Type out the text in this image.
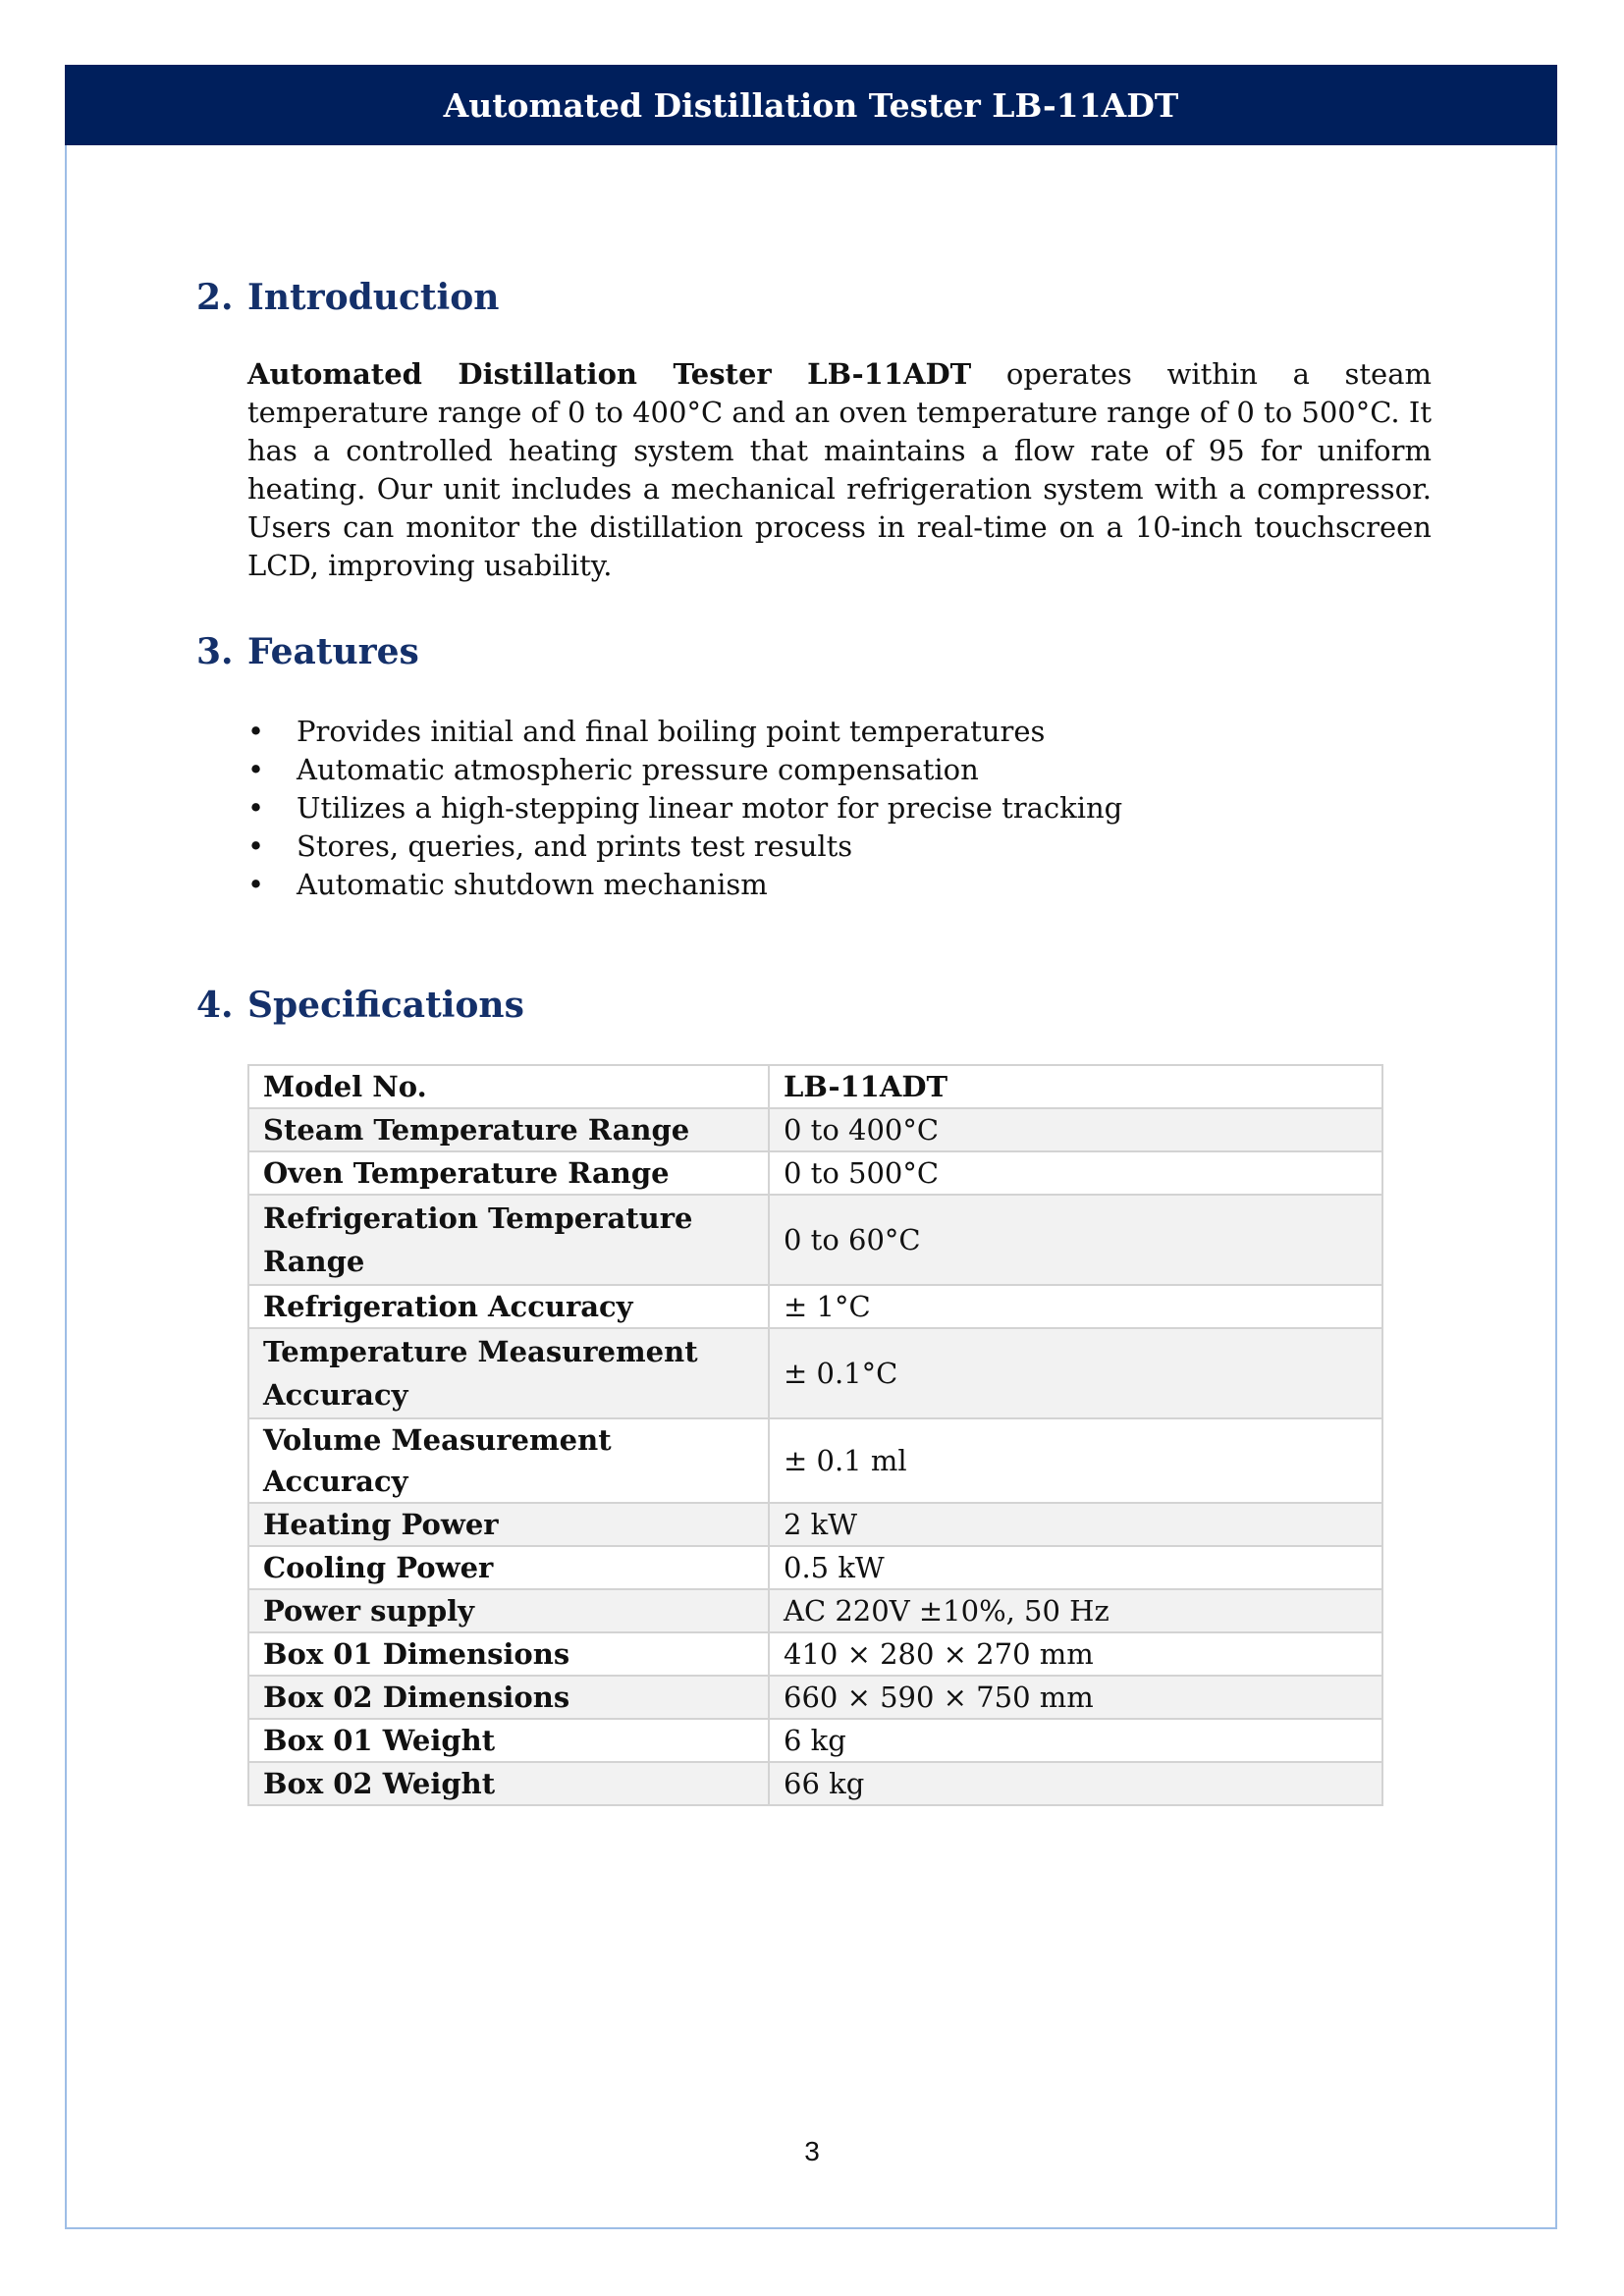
Automated Distillation Tester LB-11ADT
2. Introduction

Automated Distillation Tester LB-11ADT operates within a steam temperature range of 0 to 400°C and an oven temperature range of 0 to 500°C. It has a controlled heating system that maintains a flow rate of 95 for uniform heating. Our unit includes a mechanical refrigeration system with a compressor. Users can monitor the distillation process in real-time on a 10-inch touchscreen LCD, improving usability.

3. Features
• Provides initial and final boiling point temperatures
• Automatic atmospheric pressure compensation
• Utilizes a high-stepping linear motor for precise tracking
• Stores, queries, and prints test results
• Automatic shutdown mechanism
4. Specifications
Model No.	LB-11ADT
Steam Temperature Range	0 to 400°C
Oven Temperature Range	0 to 500°C
Refrigeration Temperature Range	0 to 60°C
Refrigeration Accuracy	± 1°C
Temperature Measurement Accuracy	± 0.1°C
Volume Measurement Accuracy	± 0.1 ml
Heating Power	2 kW
Cooling Power	0.5 kW
Power supply	AC 220V ±10%, 50 Hz
Box 01 Dimensions	410 × 280 × 270 mm
Box 02 Dimensions	660 × 590 × 750 mm
Box 01 Weight	6 kg
Box 02 Weight	66 kg
3
